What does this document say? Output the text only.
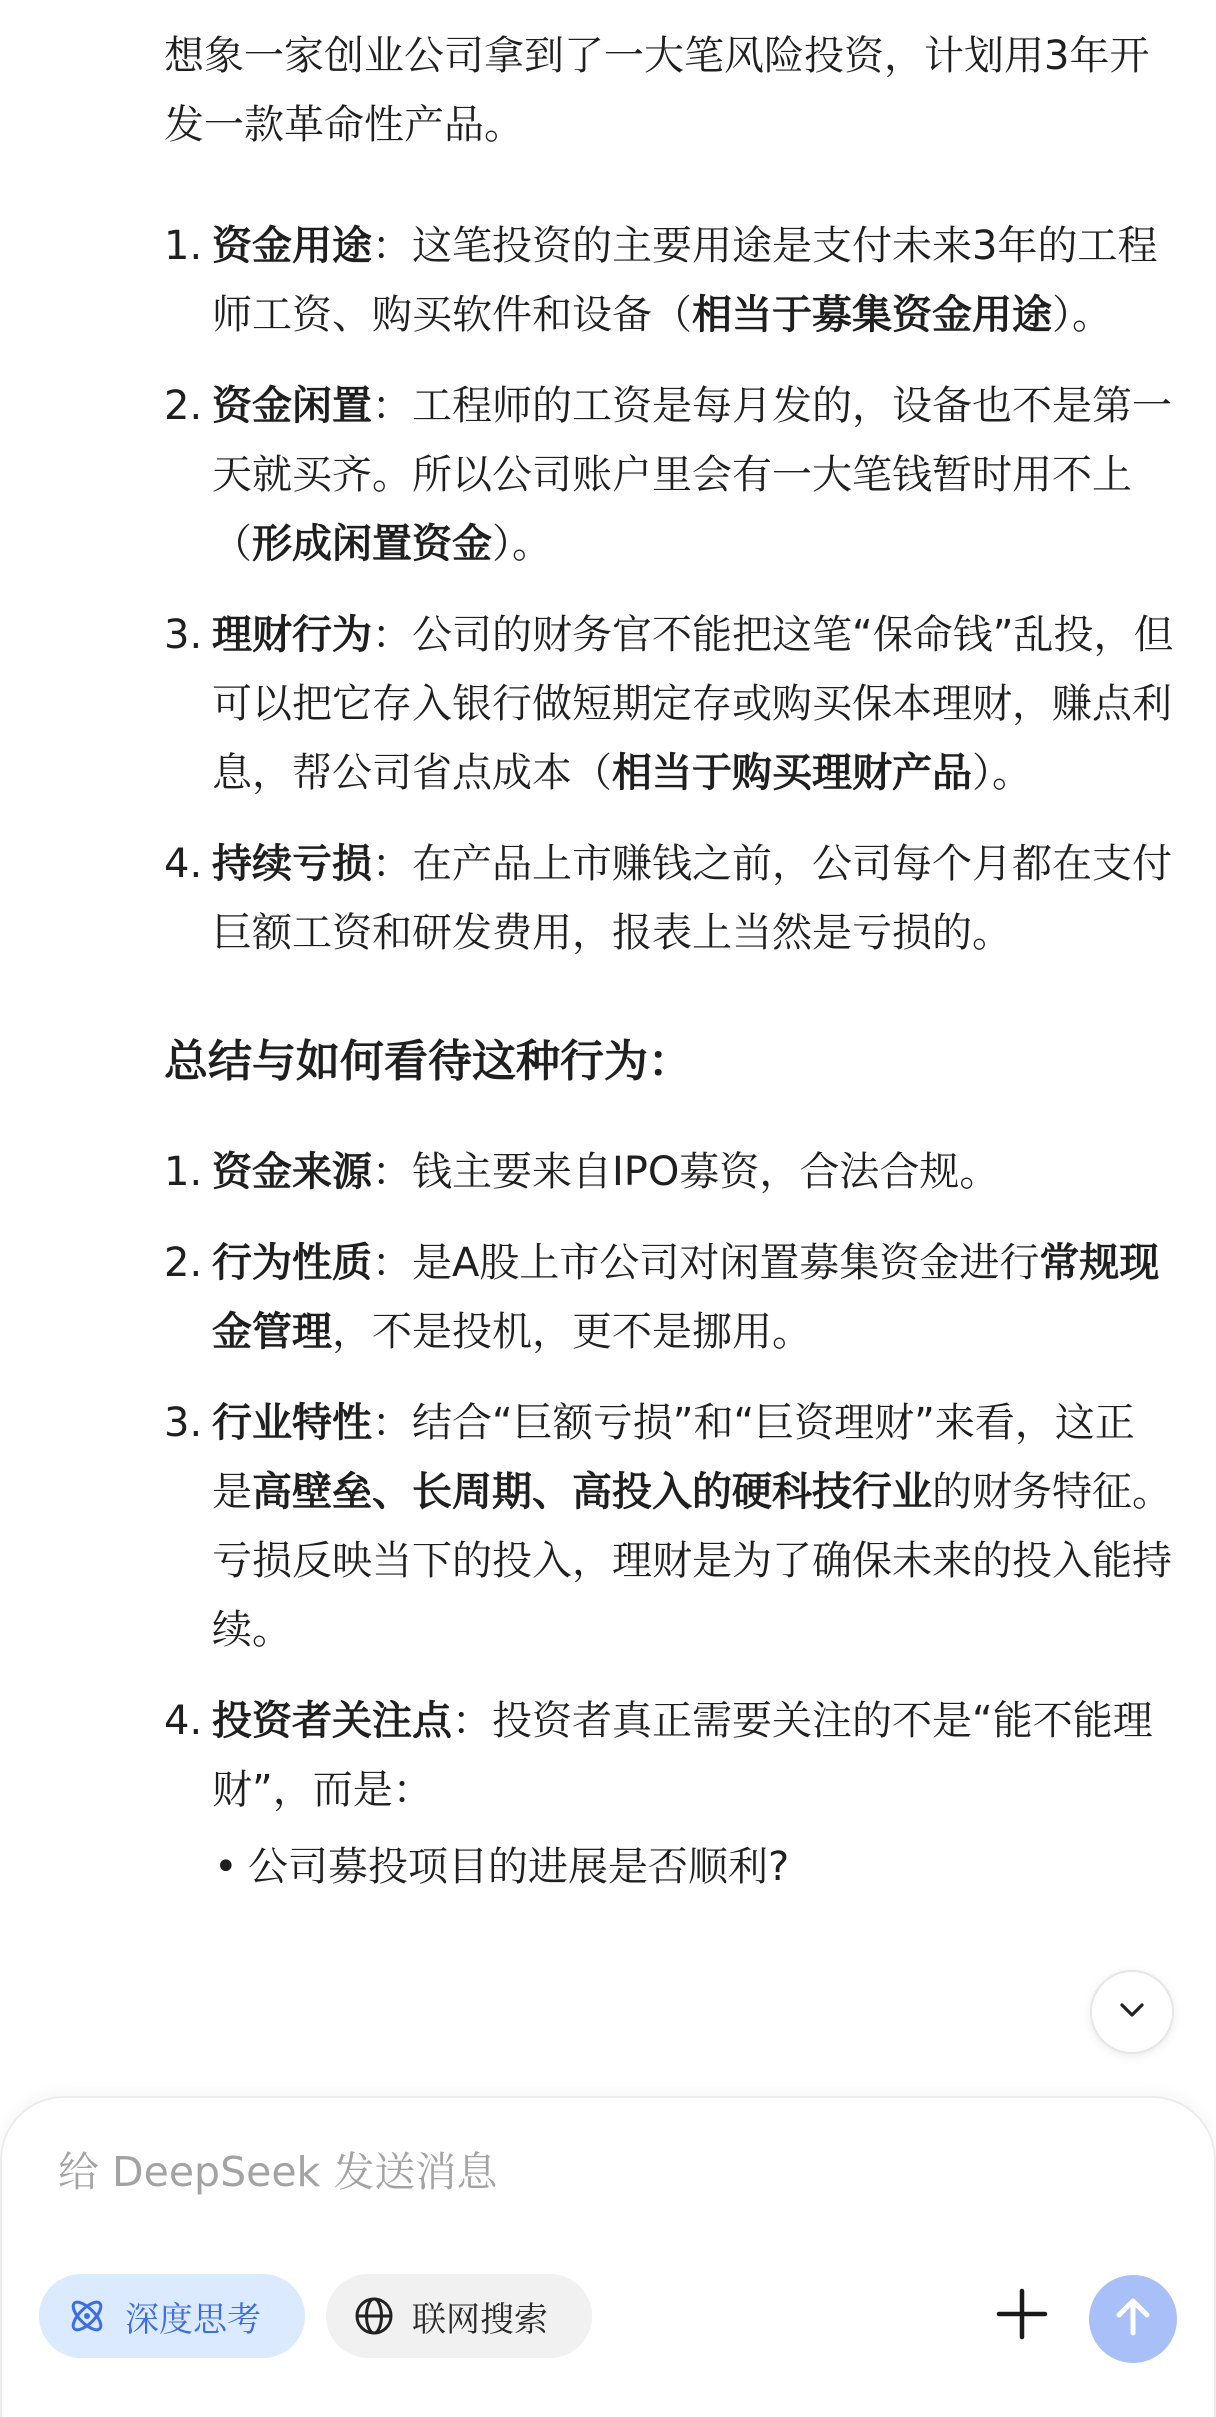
想象一家创业公司拿到了一大笔风险投资，计划用3年开发一款革命性产品。

1. 资金用途：这笔投资的主要用途是支付未来3年的工程师工资、购买软件和设备（相当于募集资金用途）。
2. 资金闲置：工程师的工资是每月发的，设备也不是第一天就买齐。所以公司账户里会有一大笔钱暂时用不上（形成闲置资金）。
3. 理财行为：公司的财务官不能把这笔“保命钱”乱投，但可以把它存入银行做短期定存或购买保本理财，赚点利息，帮公司省点成本（相当于购买理财产品）。
4. 持续亏损：在产品上市赚钱之前，公司每个月都在支付巨额工资和研发费用，报表上当然是亏损的。
总结与如何看待这种行为：
1. 资金来源：钱主要来自IPO募资，合法合规。
2. 行为性质：是A股上市公司对闲置募集资金进行常规现金管理，不是投机，更不是挪用。
3. 行业特性：结合“巨额亏损”和“巨资理财”来看，这正是高壁垒、长周期、高投入的硬科技行业的财务特征。亏损反映当下的投入，理财是为了确保未来的投入能持续。
4. 投资者关注点：投资者真正需要关注的不是“能不能理财”，而是：
• 公司募投项目的进展是否顺利?
给 DeepSeek 发送消息
深度思考	联网搜索
